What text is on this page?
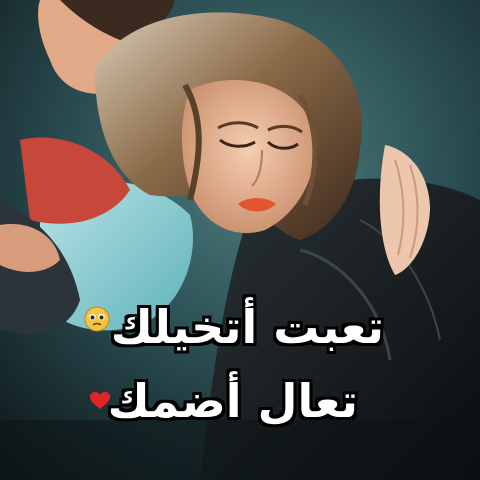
تعبت أتخيلك
تعال أضمك
